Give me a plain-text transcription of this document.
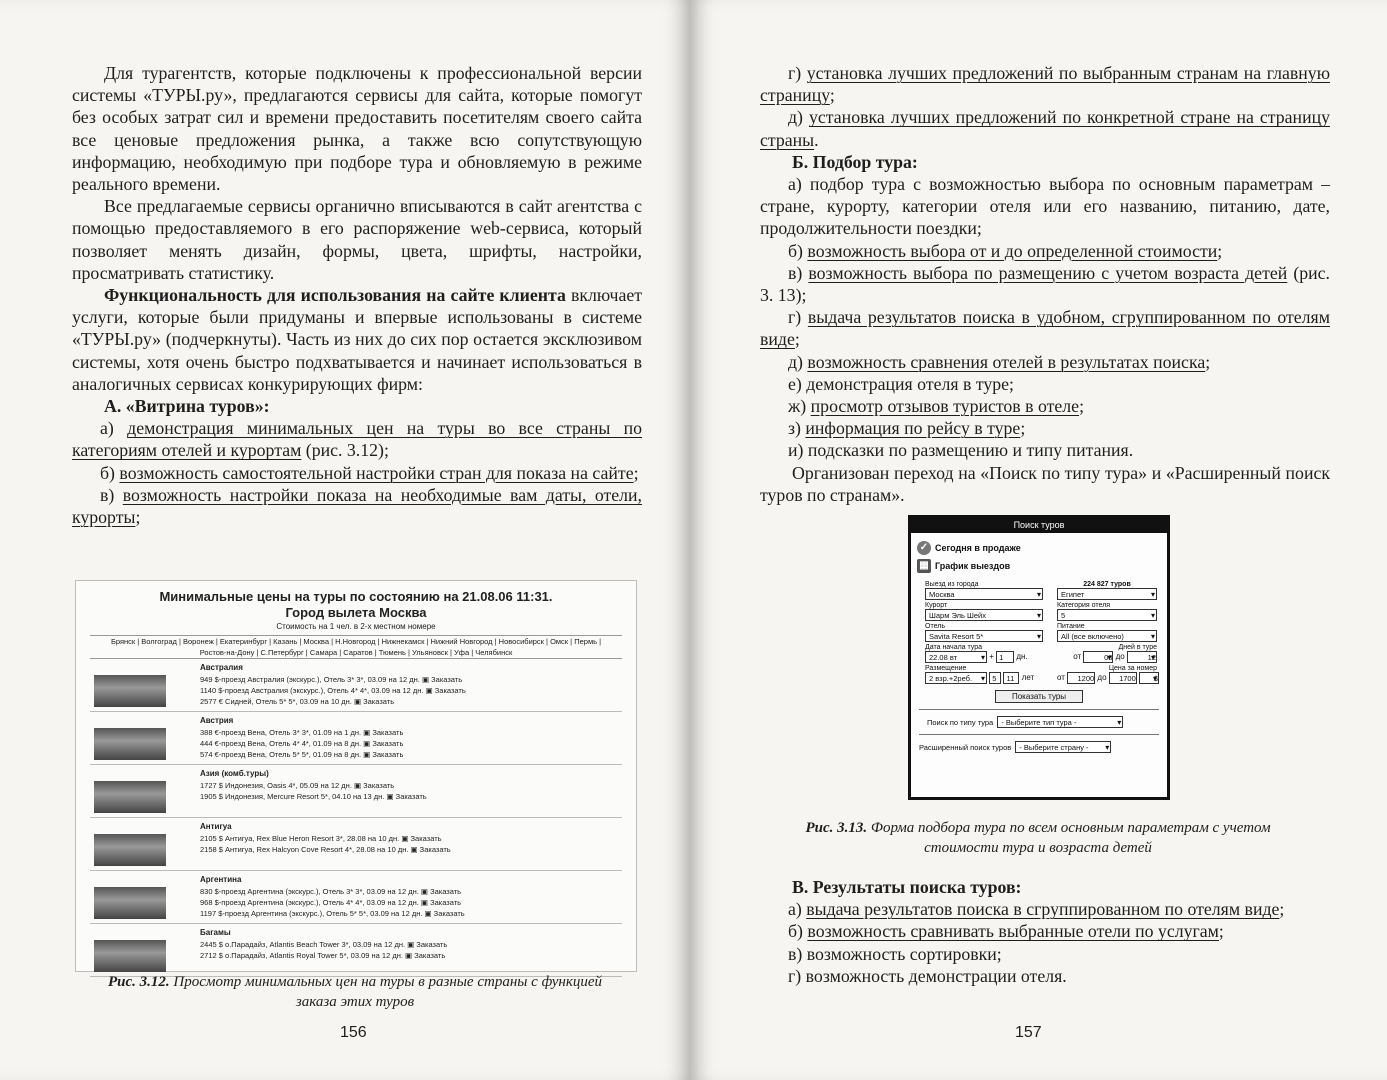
Для турагентств, которые подключены к профессиональной версии системы «ТУРЫ.ру», предлагаются сервисы для сайта, которые помогут без особых затрат сил и времени предоставить посетителям своего сайта все ценовые предложения рынка, а также всю сопутствующую информацию, необходимую при подборе тура и обновляемую в режиме реального времени.

Все предлагаемые сервисы органично вписываются в сайт агентства с помощью предоставляемого в его распоряжение web-сервиса, который позволяет менять дизайн, формы, цвета, шрифты, настройки, просматривать статистику.

Функциональность для использования на сайте клиента включает услуги, которые были придуманы и впервые использованы в системе «ТУРЫ.ру» (подчеркнуты). Часть из них до сих пор остается эксклюзивом системы, хотя очень быстро подхватывается и начинает использоваться в аналогичных сервисах конкурирующих фирм:

А. «Витрина туров»:

а) демонстрация минимальных цен на туры во все страны по категориям отелей и курортам (рис. 3.12);

б) возможность самостоятельной настройки стран для показа на сайте;

в) возможность настройки показа на необходимые вам даты, отели, курорты;

Минимальные цены на туры по состоянию на 21.08.06 11:31.
Город вылета Москва
Стоимость на 1 чел. в 2-х местном номере
Брянск | Волгоград | Воронеж | Екатеринбург | Казань | Москва | Н.Новгород | Нижнекамск | Нижний Новгород | Новосибирск | Омск | Пермь | Ростов-на-Дону | С.Петербург | Самара | Саратов | Тюмень | Ульяновск | Уфа | Челябинск
Австралия
949 $-проезд Австралия (экскурс.), Отель 3* 3*, 03.09 на 12 дн. ▣ Заказать
1140 $-проезд Австралия (экскурс.), Отель 4* 4*, 03.09 на 12 дн. ▣ Заказать
2577 € Сидней, Отель 5* 5*, 03.09 на 10 дн. ▣ Заказать
Австрия
388 €-проезд Вена, Отель 3* 3*, 01.09 на 1 дн. ▣ Заказать
444 €-проезд Вена, Отель 4* 4*, 01.09 на 8 дн. ▣ Заказать
574 €-проезд Вена, Отель 5* 5*, 01.09 на 8 дн. ▣ Заказать
Азия (комб.туры)
1727 $ Индонезия, Oasis 4*, 05.09 на 12 дн. ▣ Заказать
1905 $ Индонезия, Mercure Resort 5*, 04.10 на 13 дн. ▣ Заказать
Антигуа
2105 $ Антигуа, Rex Blue Heron Resort 3*, 28.08 на 10 дн. ▣ Заказать
2158 $ Антигуа, Rex Halcyon Cove Resort 4*, 28.08 на 10 дн. ▣ Заказать
Аргентина
830 $-проезд Аргентина (экскурс.), Отель 3* 3*, 03.09 на 12 дн. ▣ Заказать
968 $-проезд Аргентина (экскурс.), Отель 4* 4*, 03.09 на 12 дн. ▣ Заказать
1197 $-проезд Аргентина (экскурс.), Отель 5* 5*, 03.09 на 12 дн. ▣ Заказать
Багамы
2445 $ о.Парадайз, Atlantis Beach Tower 3*, 03.09 на 12 дн. ▣ Заказать
2712 $ о.Парадайз, Atlantis Royal Tower 5*, 03.09 на 12 дн. ▣ Заказать
Рис. 3.12. Просмотр минимальных цен на туры в разные страны с функцией заказа этих туров
156

г) установка лучших предложений по выбранным странам на главную страницу;

д) установка лучших предложений по конкретной стране на страницу страны.

Б. Подбор тура:

а) подбор тура с возможностью выбора по основным параметрам – стране, курорту, категории отеля или его названию, питанию, дате, продолжительности поездки;

б) возможность выбора от и до определенной стоимости;

в) возможность выбора по размещению с учетом возраста детей (рис. 3. 13);

г) выдача результатов поиска в удобном, сгруппированном по отелям виде;

д) возможность сравнения отелей в результатах поиска;

е) демонстрация отеля в туре;

ж) просмотр отзывов туристов в отеле;

з) информация по рейсу в туре;

и) подсказки по размещению и типу питания.

Организован переход на «Поиск по типу тура» и «Расширенный поиск туров по странам».

Поиск туров
✓ Сегодня в продаже
▦ График выездов
Выезд из города	224 827 туров
Москва ▾	Египет ▾
Курорт	Категория отеля
Шарм Эль Шейх ▾	5 ▾
Отель	Питание
Savita Resort 5* ▾	All (все включено) ▾
Дата начала тура	Дней в туре
22.08 вт ▾	+ 1 дн.	от	08 ▾ до	12 ▾
Размещение	Цена за номер
2 взр.+2реб. ▾	5 11 лет	от 1200 до 1700 $ ▾
Показать туры
Поиск по типу тура	- Выберите тип тура - ▾
Расширенный поиск туров	- Выберите страну - ▾
Рис. 3.13. Форма подбора тура по всем основным параметрам с учетом стоимости тура и возраста детей

В. Результаты поиска туров:

а) выдача результатов поиска в сгруппированном по отелям виде;

б) возможность сравнивать выбранные отели по услугам;

в) возможность сортировки;

г) возможность демонстрации отеля.

157
